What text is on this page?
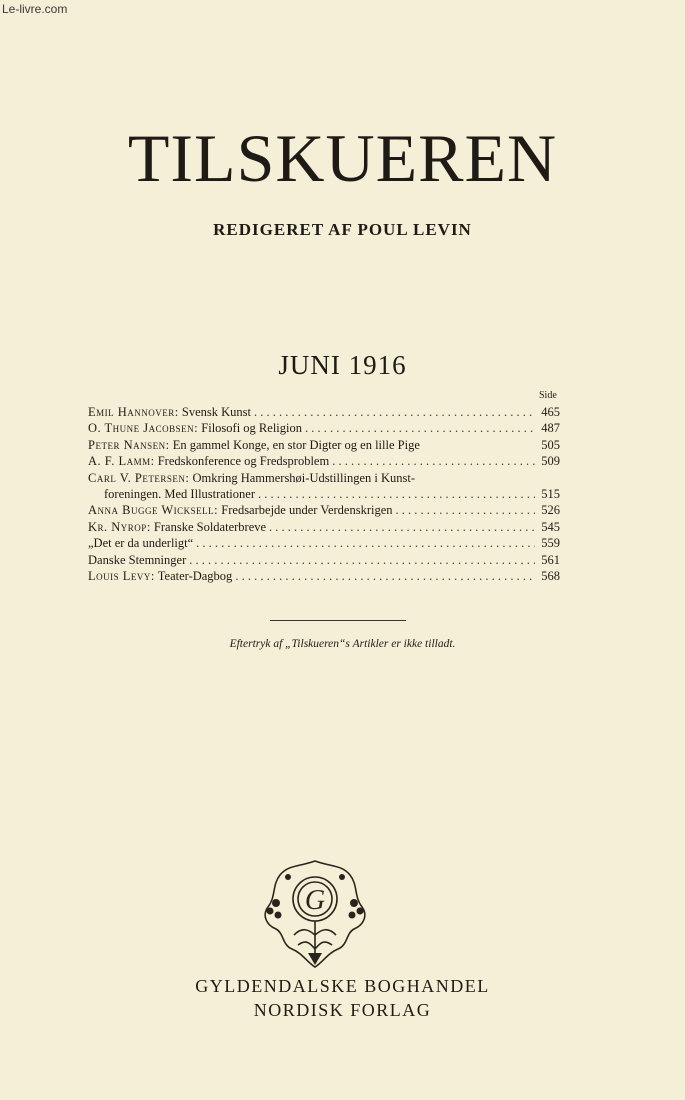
Le-livre.com
TILSKUEREN
REDIGERET AF POUL LEVIN
JUNI 1916
Side
Emil Hannover: Svensk Kunst . . .	465
O. Thune Jacobsen: Filosofi og Religion . . .	487
Peter Nansen: En gammel Konge, en stor Digter og en lille Pige	505
A. F. Lamm: Fredskonference og Fredsproblem . . .	509
Carl V. Petersen: Omkring Hammershøi-Udstillingen i Kunst-
foreningen. Med Illustrationer . . .	515
Anna Bugge Wicksell: Fredsarbejde under Verdenskrigen . . .	526
Kr. Nyrop: Franske Soldaterbreve . . .	545
„Det er da underligt“ . . .	559
Danske Stemninger . . .	561
Louis Levy: Teater-Dagbog . . .	568
Eftertryk af „Tilskueren“s Artikler er ikke tilladt.
G
GYLDENDALSKE BOGHANDEL
NORDISK FORLAG
